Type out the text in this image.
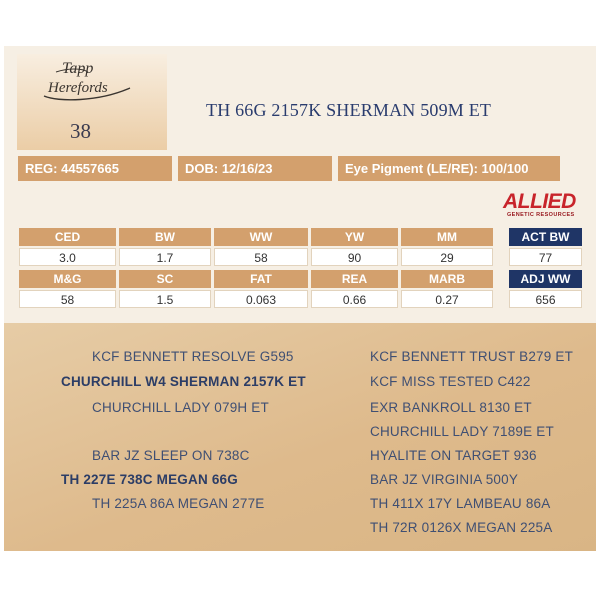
Tapp
Herefords
38
TH 66G 2157K SHERMAN 509M ET
REG: 44557665	DOB: 12/16/23	Eye Pigment (LE/RE): 100/100
ALLIED
GENETIC RESOURCES
CED	BW	WW	YW	MM
3.0	1.7	58	90	29
M&G	SC	FAT	REA	MARB
58	1.5	0.063	0.66	0.27
ACT BW
77
ADJ WW
656
KCF BENNETT RESOLVE G595
CHURCHILL W4 SHERMAN 2157K ET
CHURCHILL LADY 079H ET
BAR JZ SLEEP ON 738C
TH 227E 738C MEGAN 66G
TH 225A 86A MEGAN 277E
KCF BENNETT TRUST B279 ET
KCF MISS TESTED C422
EXR BANKROLL 8130 ET
CHURCHILL LADY 7189E ET
HYALITE ON TARGET 936
BAR JZ VIRGINIA 500Y
TH 411X 17Y LAMBEAU 86A
TH 72R 0126X MEGAN 225A
